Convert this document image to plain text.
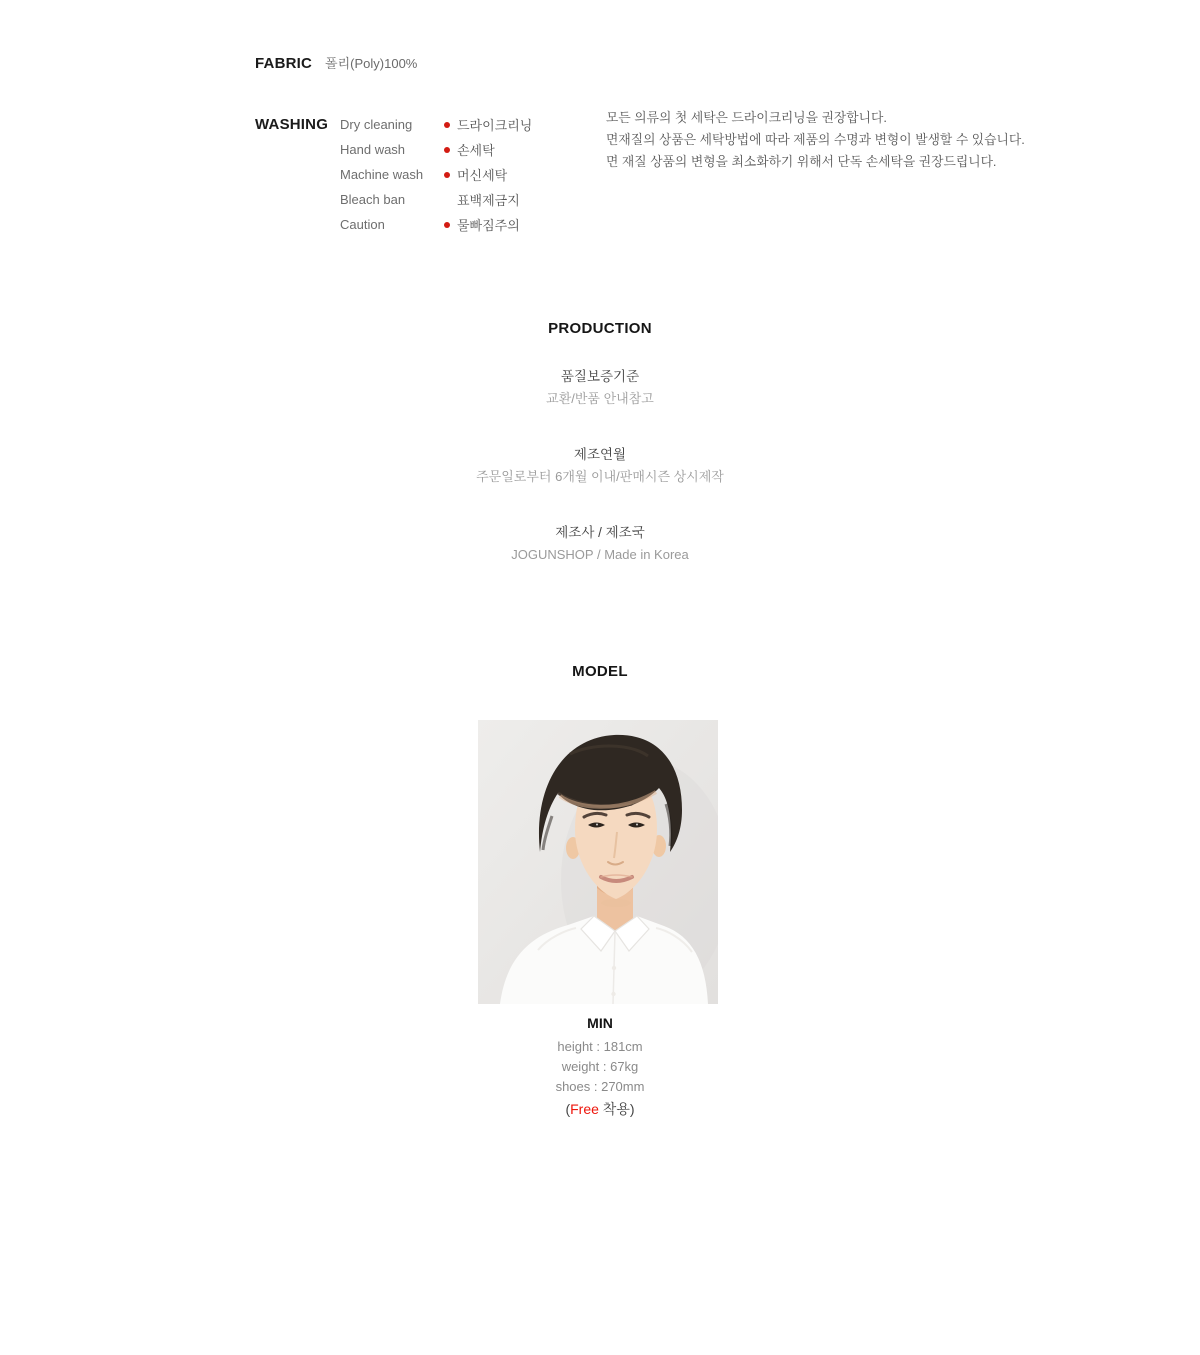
FABRIC 폴리(Poly)100%
WASHING Dry cleaning	드라이크리닝
Hand wash	손세탁
Machine wash	머신세탁
Bleach ban	표백제금지
Caution	물빠짐주의

모든 의류의 첫 세탁은 드라이크리닝을 권장합니다.

면재질의 상품은 세탁방법에 따라 제품의 수명과 변형이 발생할 수 있습니다.

면 재질 상품의 변형을 최소화하기 위해서 단독 손세탁을 권장드립니다.

PRODUCTION
품질보증기준
교환/반품 안내참고
제조연월
주문일로부터 6개월 이내/판매시즌 상시제작
제조사 / 제조국
JOGUNSHOP / Made in Korea
MODEL
MIN
height : 181cm
weight : 67kg
shoes : 270mm
(Free 착용)
